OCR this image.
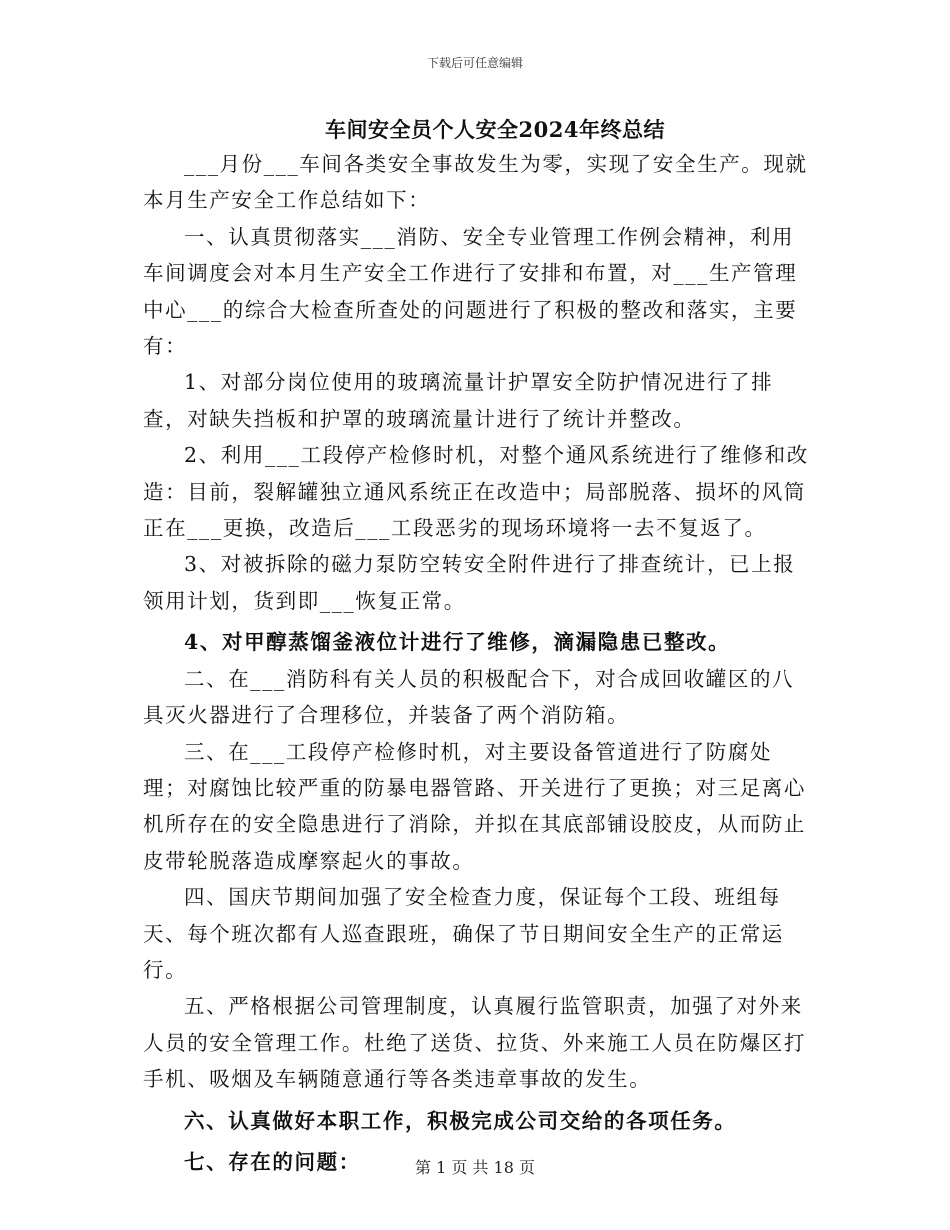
下载后可任意编辑
车间安全员个人安全2024年终总结

___月份___车间各类安全事故发生为零，实现了安全生产。现就本月生产安全工作总结如下：

一、认真贯彻落实___消防、安全专业管理工作例会精神，利用车间调度会对本月生产安全工作进行了安排和布置，对___生产管理中心___的综合大检查所查处的问题进行了积极的整改和落实，主要有：

1、对部分岗位使用的玻璃流量计护罩安全防护情况进行了排查，对缺失挡板和护罩的玻璃流量计进行了统计并整改。

2、利用___工段停产检修时机，对整个通风系统进行了维修和改造：目前，裂解罐独立通风系统正在改造中；局部脱落、损坏的风筒正在___更换，改造后___工段恶劣的现场环境将一去不复返了。

3、对被拆除的磁力泵防空转安全附件进行了排查统计，已上报领用计划，货到即___恢复正常。

4、对甲醇蒸馏釜液位计进行了维修，滴漏隐患已整改。

二、在___消防科有关人员的积极配合下，对合成回收罐区的八具灭火器进行了合理移位，并装备了两个消防箱。

三、在___工段停产检修时机，对主要设备管道进行了防腐处理；对腐蚀比较严重的防暴电器管路、开关进行了更换；对三足离心机所存在的安全隐患进行了消除，并拟在其底部铺设胶皮，从而防止皮带轮脱落造成摩察起火的事故。

四、国庆节期间加强了安全检查力度，保证每个工段、班组每天、每个班次都有人巡查跟班，确保了节日期间安全生产的正常运行。

五、严格根据公司管理制度，认真履行监管职责，加强了对外来人员的安全管理工作。杜绝了送货、拉货、外来施工人员在防爆区打手机、吸烟及车辆随意通行等各类违章事故的发生。

六、认真做好本职工作，积极完成公司交给的各项任务。

七、存在的问题：	第 1 页 共 18 页
